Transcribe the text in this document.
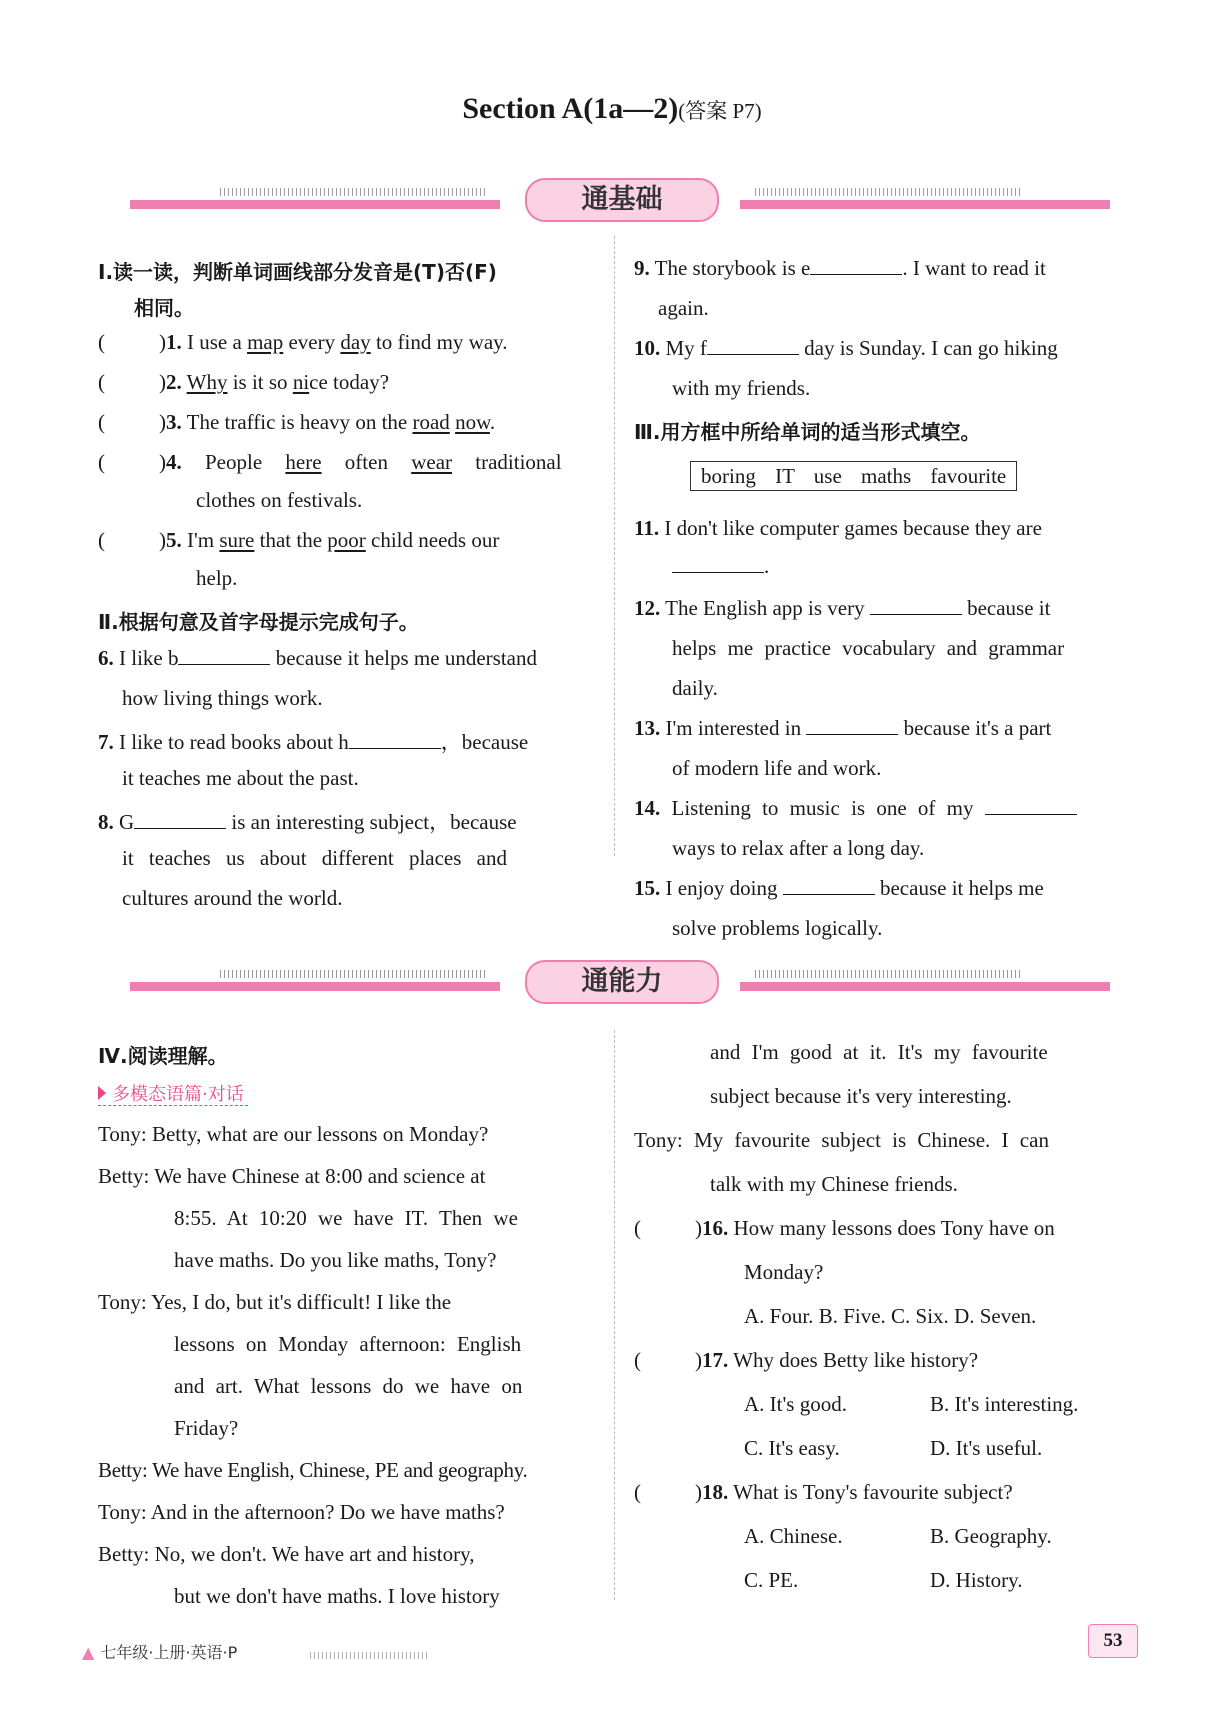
Section A(1a—2)(答案 P7)
通基础
Ⅰ.读一读，判断单词画线部分发音是(T)否(F)
相同。
(	)1. I use a map every day to find my way.
(	)2. Why is it so nice today?
(	)3. The traffic is heavy on the road now.
(	)4. People here often wear traditional
clothes on festivals.
(	)5. I'm sure that the poor child needs our
help.
Ⅱ.根据句意及首字母提示完成句子。
6. I like b	because it helps me understand
how living things work.
7. I like to read books about h	，because
it teaches me about the past.
8. G	is an interesting subject，because
it teaches us about different places and
cultures around the world.
9. The storybook is e	. I want to read it
again.
10. My f	day is Sunday. I can go hiking
with my friends.
Ⅲ.用方框中所给单词的适当形式填空。
boring IT use maths favourite
11. I don't like computer games because they are
.
12. The English app is very	because it
helps me practice vocabulary and grammar
daily.
13. I'm interested in	because it's a part
of modern life and work.
14. Listening to music is one of my
ways to relax after a long day.
15. I enjoy doing	because it helps me
solve problems logically.
通能力
Ⅳ.阅读理解。
多模态语篇·对话
Tony: Betty, what are our lessons on Monday?
Betty: We have Chinese at 8:00 and science at
8:55. At 10:20 we have IT. Then we
have maths. Do you like maths, Tony?
Tony: Yes, I do, but it's difficult! I like the
lessons on Monday afternoon: English
and art. What lessons do we have on
Friday?
Betty: We have English, Chinese, PE and geography.
Tony: And in the afternoon? Do we have maths?
Betty: No, we don't. We have art and history,
but we don't have maths. I love history
and I'm good at it. It's my favourite
subject because it's very interesting.
Tony: My favourite subject is Chinese. I can
talk with my Chinese friends.
(	)16. How many lessons does Tony have on
Monday?
A. Four. B. Five. C. Six. D. Seven.
(	)17. Why does Betty like history?
A. It's good.	B. It's interesting.
C. It's easy.	D. It's useful.
(	)18. What is Tony's favourite subject?
A. Chinese.	B. Geography.
C. PE.	D. History.
▲ 七年级·上册·英语·P
53
